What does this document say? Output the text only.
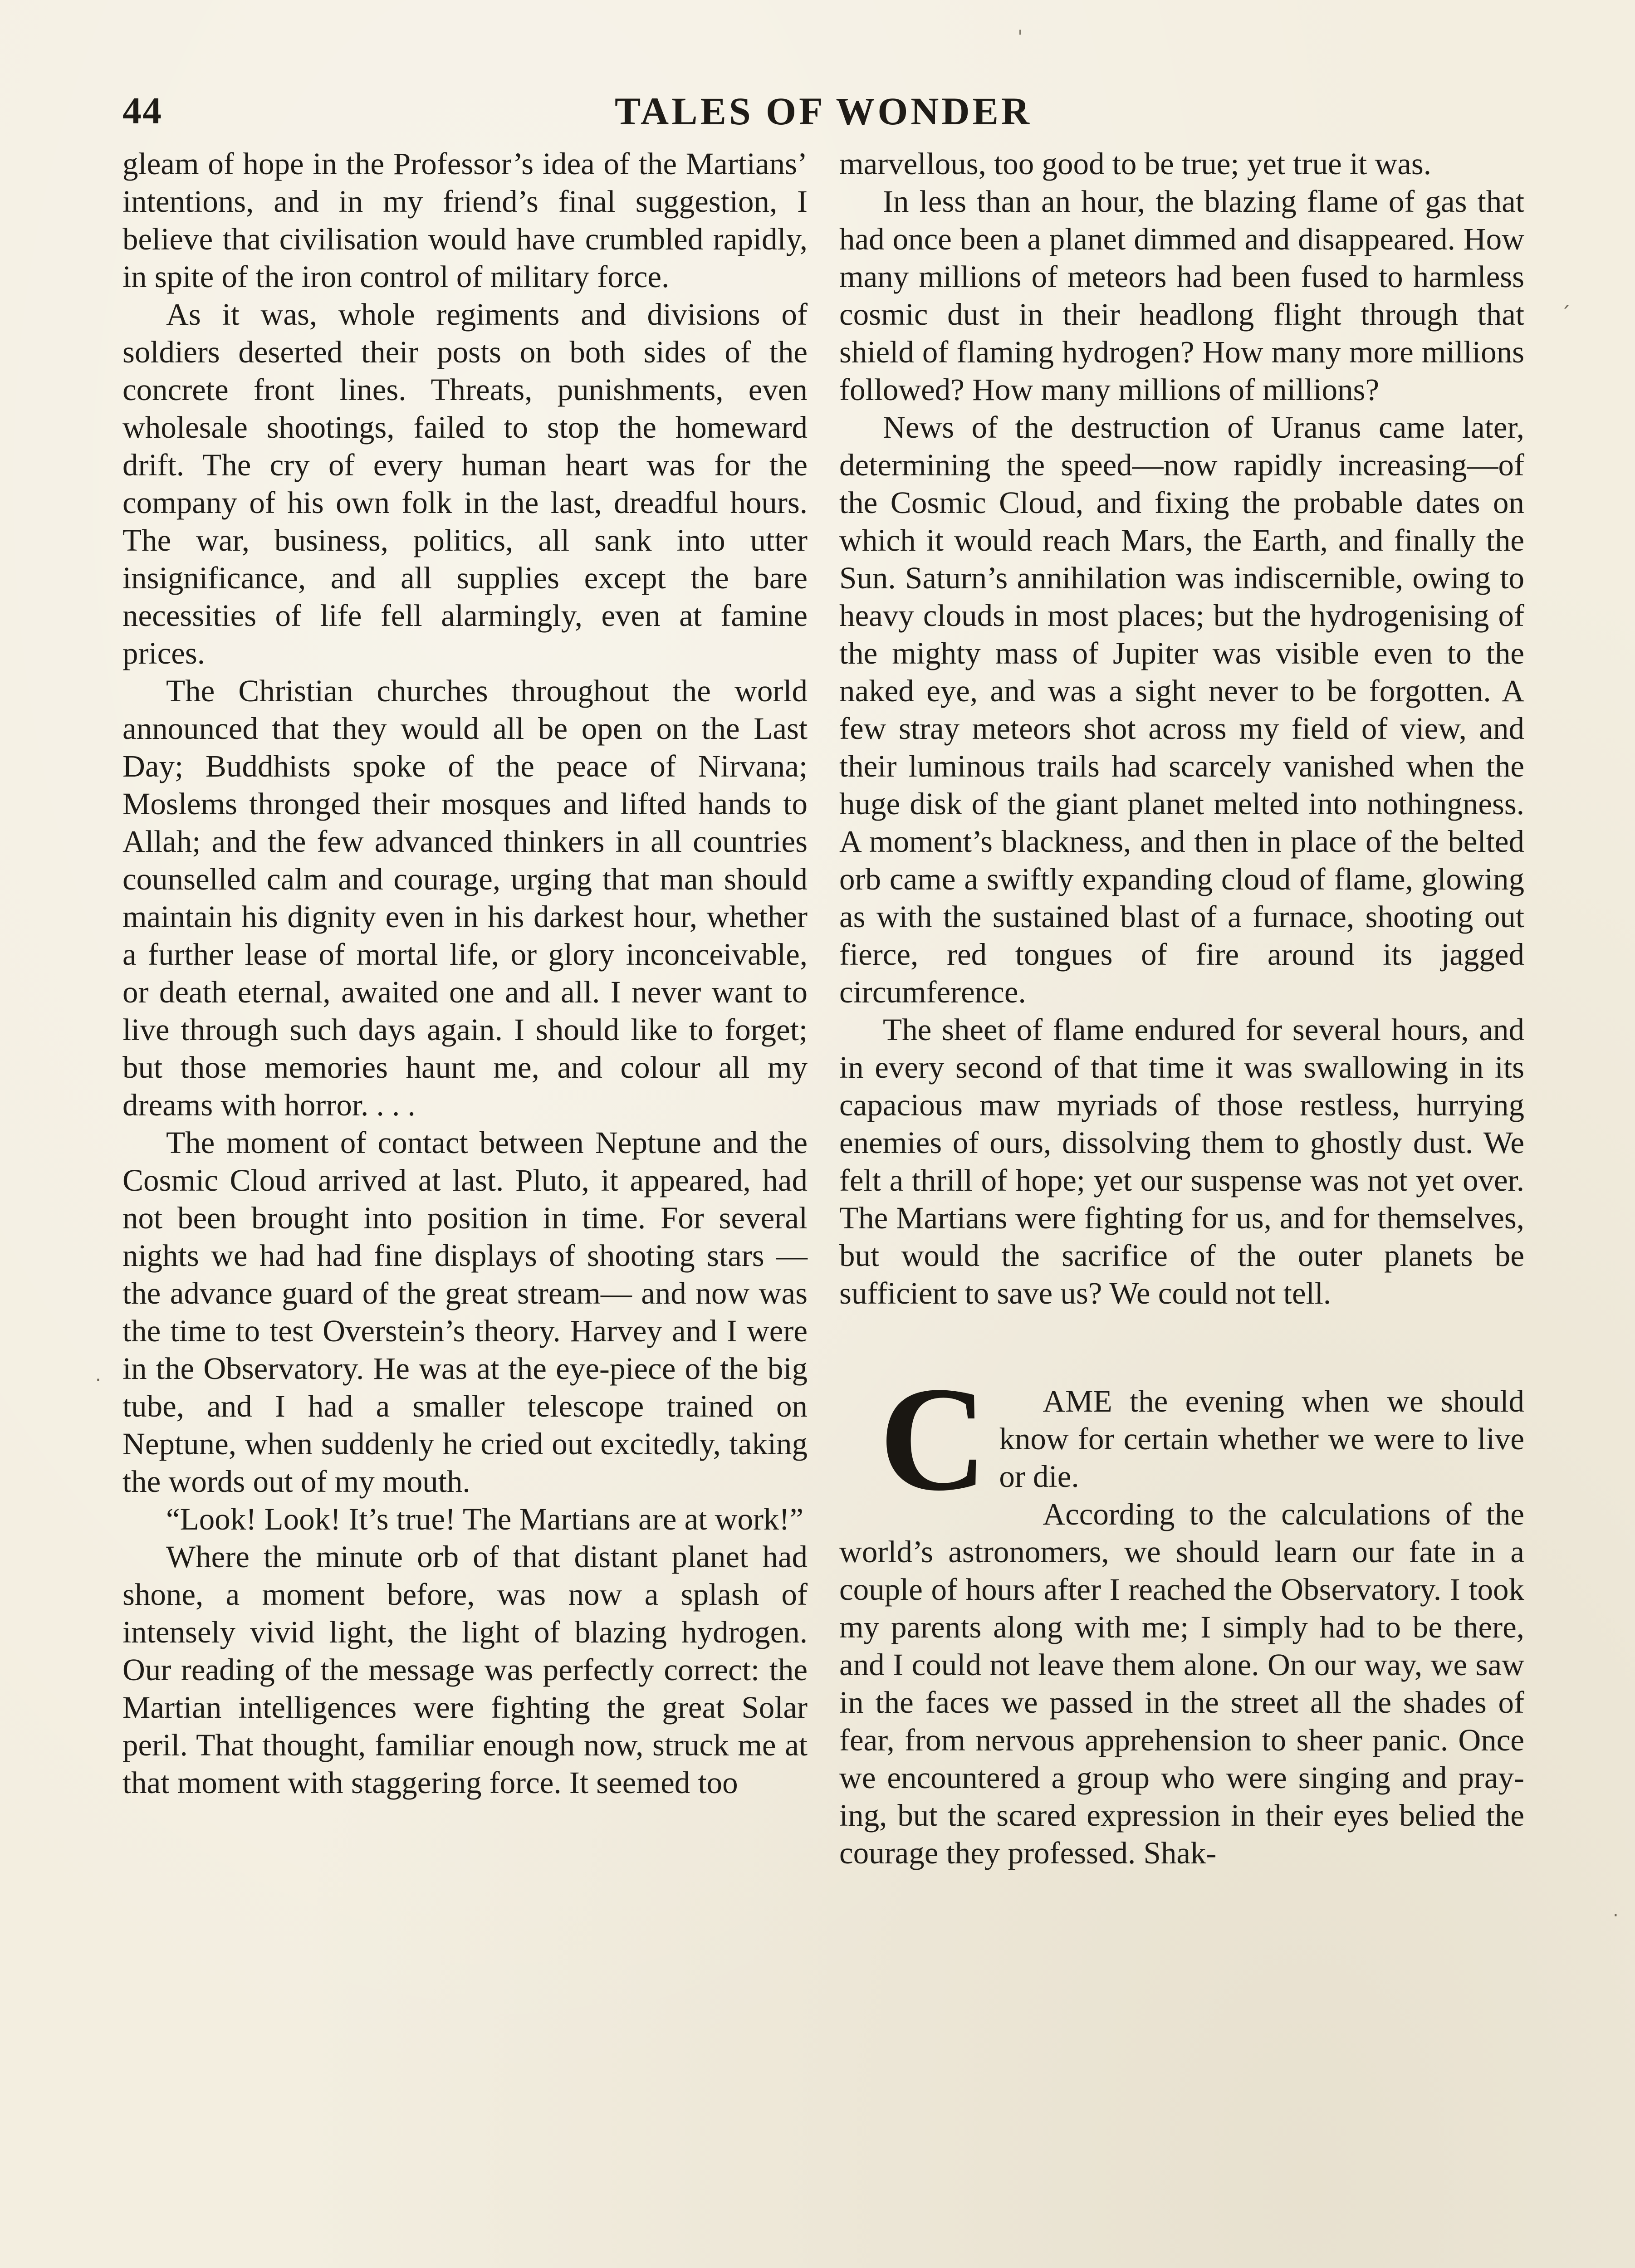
44	TALES OF WONDER

gleam of hope in the Professor’s idea of the Martians’ intentions, and in my friend’s final suggestion, I believe that civilisation would have crumbled rapidly, in spite of the iron control of military force.

As it was, whole regiments and divisions of soldiers deserted their posts on both sides of the concrete front lines. Threats, punishments, even wholesale shootings, failed to stop the homeward drift. The cry of every human heart was for the company of his own folk in the last, dreadful hours. The war, business, politics, all sank into utter insignificance, and all supplies except the bare necessities of life fell alarmingly, even at famine prices.

The Christian churches throughout the world announced that they would all be open on the Last Day; Buddhists spoke of the peace of Nirvana; Moslems thronged their mosques and lifted hands to Allah; and the few advanced thinkers in all countries counselled calm and courage, urging that man should maintain his dignity even in his darkest hour, whether a further lease of mortal life, or glory inconceivable, or death eternal, awaited one and all. I never want to live through such days again. I should like to forget; but those memories haunt me, and colour all my dreams with horror. . . .

The moment of contact between Neptune and the Cosmic Cloud arrived at last. Pluto, it appeared, had not been brought into position in time. For several nights we had had fine displays of shooting stars —the advance guard of the great stream— and now was the time to test Overstein’s theory. Harvey and I were in the Observatory. He was at the eye-piece of the big tube, and I had a smaller telescope trained on Neptune, when suddenly he cried out excitedly, taking the words out of my mouth.

“Look! Look! It’s true! The Martians are at work!”

Where the minute orb of that distant planet had shone, a moment before, was now a splash of intensely vivid light, the light of blazing hydrogen. Our reading of the message was perfectly correct: the Martian intelligences were fighting the great Solar peril. That thought, familiar enough now, struck me at that moment with staggering force. It seemed too

marvellous, too good to be true; yet true it was.

In less than an hour, the blazing flame of gas that had once been a planet dimmed and disappeared. How many millions of meteors had been fused to harmless cosmic dust in their headlong flight through that shield of flaming hydrogen? How many more millions followed? How many millions of millions?

News of the destruction of Uranus came later, determining the speed—now rapidly increasing—of the Cosmic Cloud, and fixing the probable dates on which it would reach Mars, the Earth, and finally the Sun. Saturn’s annihilation was indiscernible, owing to heavy clouds in most places; but the hydrogenising of the mighty mass of Jupiter was visible even to the naked eye, and was a sight never to be forgotten. A few stray meteors shot across my field of view, and their luminous trails had scarcely vanished when the huge disk of the giant planet melted into nothingness. A moment’s blackness, and then in place of the belted orb came a swiftly expanding cloud of flame, glowing as with the sustained blast of a furnace, shooting out fierce, red tongues of fire around its jagged circumference.

The sheet of flame endured for several hours, and in every second of that time it was swallowing in its capacious maw myriads of those restless, hurrying enemies of ours, dissolving them to ghostly dust. We felt a thrill of hope; yet our suspense was not yet over. The Martians were fighting for us, and for themselves, but would the sacrifice of the outer planets be sufficient to save us? We could not tell.

C AME the evening when we should know for certain whether we were to live or die.

According to the calculations of the world’s astronomers, we should learn our fate in a couple of hours after I reached the Observatory. I took my parents along with me; I simply had to be there, and I could not leave them alone. On our way, we saw in the faces we passed in the street all the shades of fear, from nervous apprehension to sheer panic. Once we encountered a group who were singing and praying, but the scared expression in their eyes belied the courage they professed. Shak-

ˈ
ˏ
·
·
